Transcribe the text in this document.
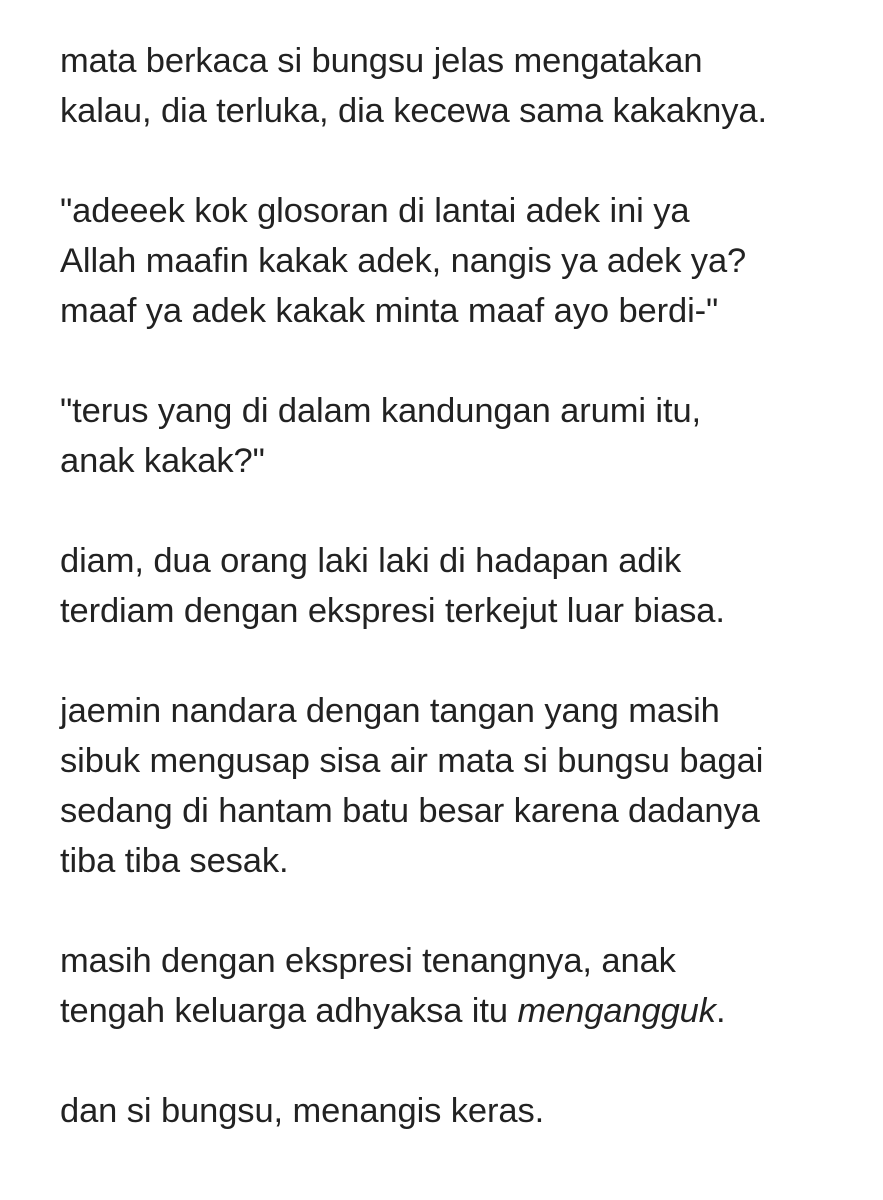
mata berkaca si bungsu jelas mengatakan
kalau, dia terluka, dia kecewa sama kakaknya.

"adeeek kok glosoran di lantai adek ini ya
Allah maafin kakak adek, nangis ya adek ya?
maaf ya adek kakak minta maaf ayo berdi-"

"terus yang di dalam kandungan arumi itu,
anak kakak?"

diam, dua orang laki laki di hadapan adik
terdiam dengan ekspresi terkejut luar biasa.

jaemin nandara dengan tangan yang masih
sibuk mengusap sisa air mata si bungsu bagai
sedang di hantam batu besar karena dadanya
tiba tiba sesak.

masih dengan ekspresi tenangnya, anak
tengah keluarga adhyaksa itu mengangguk.

dan si bungsu, menangis keras.
